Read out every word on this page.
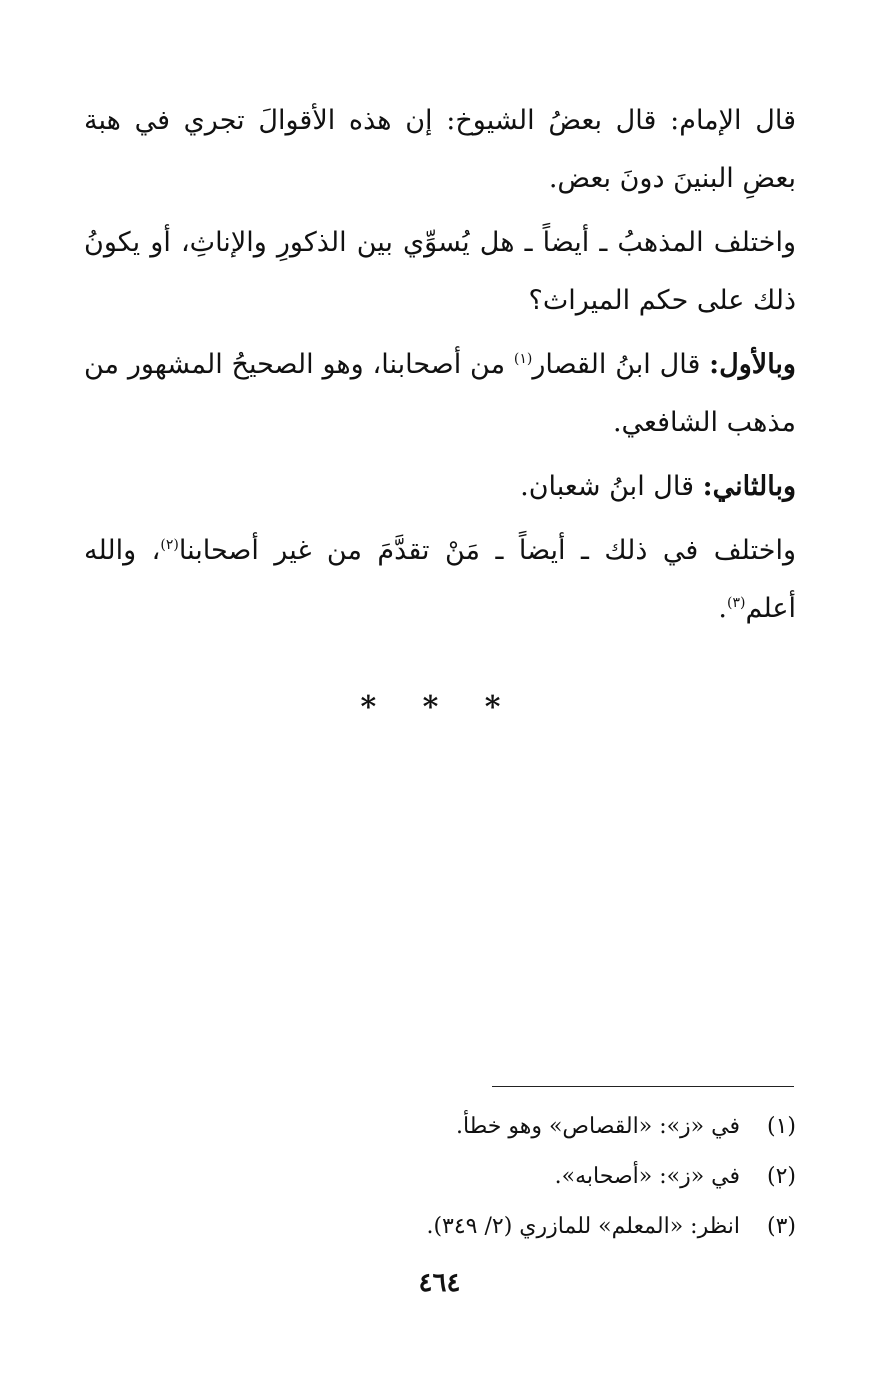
قال الإمام: قال بعضُ الشيوخ: إن هذه الأقوالَ تجري في هبة بعضِ البنينَ دونَ بعض.

واختلف المذهبُ ـ أيضاً ـ هل يُسوِّي بين الذكورِ والإناثِ، أو يكونُ ذلك على حكم الميراث؟

وبالأول: قال ابنُ القصار$^{(١)}$ من أصحابنا، وهو الصحيحُ المشهور من مذهب الشافعي.

وبالثاني: قال ابنُ شعبان.

واختلف في ذلك ـ أيضاً ـ مَنْ تقدَّمَ من غير أصحابنا$^{(٢)}$، والله أعلم$^{(٣)}$.

* * *
(١)في «ز»: «القصاص» وهو خطأ.
(٢)في «ز»: «أصحابه».
(٣)انظر: «المعلم» للمازري (٢/ ٣٤٩).
٤٦٤
